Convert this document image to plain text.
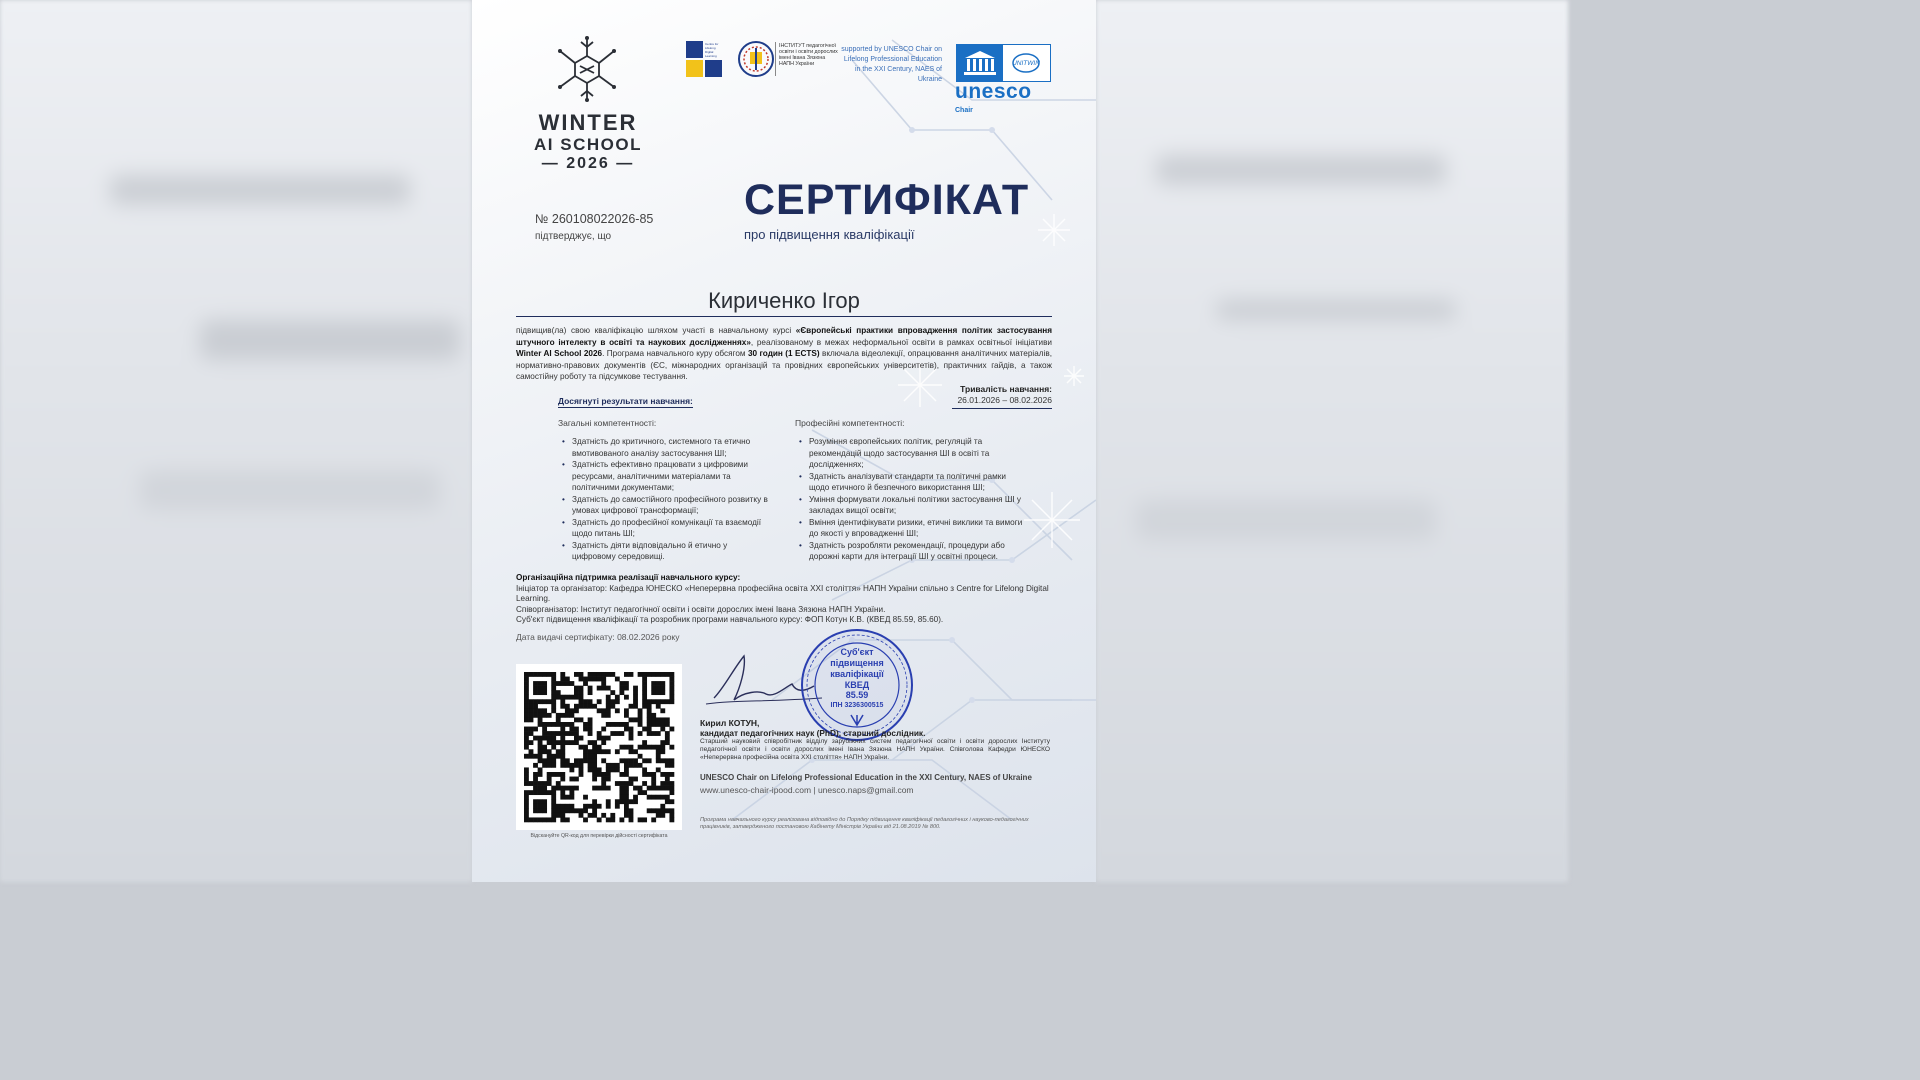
WINTER
AI SCHOOL
— 2026 —
Centre for Lifelong Digital Learning
ІНСТИТУТ педагогічної освіти і освіти дорослих імені Івана Зязюна НАПН України
supported by UNESCO Chair on Lifelong Professional Education in the XXI Century, NAES of Ukraine
UNITWIN
unesco
Chair
№ 260108022026-85
підтверджує, що
СЕРТИФІКАТ
про підвищення кваліфікації
Кириченко Ігор
підвищив(ла) свою кваліфікацію шляхом участі в навчальному курсі «Європейські практики впровадження політик застосування штучного інтелекту в освіті та наукових дослідженнях», реалізованому в межах неформальної освіти в рамках освітньої ініціативи Winter AI School 2026. Програма навчального куру обсягом 30 годин (1 ECTS) включала відеолекції, опрацювання аналітичних матеріалів, нормативно-правових документів (ЄС, міжнародних організацій та провідних європейських університетів), практичних гайдів, а також самостійну роботу та підсумкове тестування.
Тривалість навчання:
26.01.2026 – 08.02.2026
Досягнуті результати навчання:
Загальні компетентності:
• Здатність до критичного, системного та етично вмотивованого аналізу застосування ШІ;
• Здатність ефективно працювати з цифровими ресурсами, аналітичними матеріалами та політичними документами;
• Здатність до самостійного професійного розвитку в умовах цифрової трансформації;
• Здатність до професійної комунікації та взаємодії щодо питань ШІ;
• Здатність діяти відповідально й етично у цифровому середовищі.
Професійні компетентності:
• Розуміння європейських політик, регуляцій та рекомендацій щодо застосування ШІ в освіті та дослідженнях;
• Здатність аналізувати стандарти та політичні рамки щодо етичного й безпечного використання ШІ;
• Уміння формувати локальні політики застосування ШІ у закладах вищої освіти;
• Вміння ідентифікувати ризики, етичні виклики та вимоги до якості у впровадженні ШІ;
• Здатність розробляти рекомендації, процедури або дорожні карти для інтеграції ШІ у освітні процеси.
Організаційна підтримка реалізації навчального курсу:
Ініціатор та організатор: Кафедра ЮНЕСКО «Неперервна професійна освіта ХХІ століття» НАПН України спільно з Centre for Lifelong Digital Learning.
Співорганізатор: Інститут педагогічної освіти і освіти дорослих імені Івана Зязюна НАПН України.
Суб'єкт підвищення кваліфікації та розробник програми навчального курсу: ФОП Котун К.В. (КВЕД 85.59, 85.60).
Дата видачі сертифікату: 08.02.2026 року
Відскануйте QR-код для перевірки дійсності сертифіката
Суб'єкт
підвищення
кваліфікації
КВЕД
85.59
ІПН 3236300515
Кирил КОТУН,
кандидат педагогічних наук (PhD), старший дослідник.
Старший науковий співробітник відділу зарубіжних систем педагогічної освіти і освіти дорослих Інституту педагогічної освіти і освіти дорослих імені Івана Зязюна НАПН України. Співголова Кафедри ЮНЕСКО «Неперервна професійна освіта ХХІ століття» НАПН України.
UNESCO Chair on Lifelong Professional Education in the XXI Century, NAES of Ukraine
www.unesco-chair-ipood.com | unesco.naps@gmail.com
Програма навчального курсу реалізована відповідно до Порядку підвищення кваліфікації педагогічних і науково-педагогічних працівників, затвердженого постановою Кабінету Міністрів України від 21.08.2019 № 800.
